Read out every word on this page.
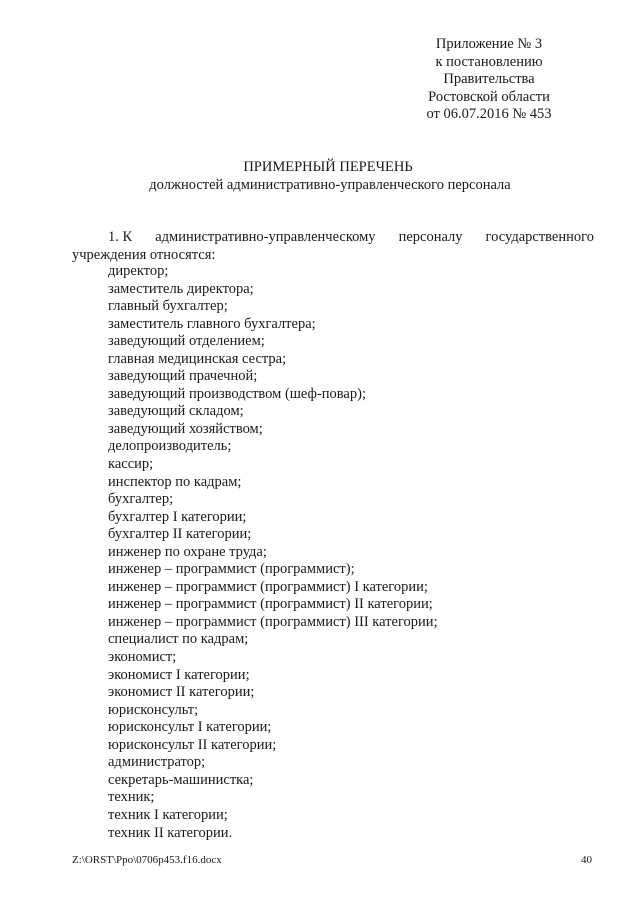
Приложение № 3
к постановлению
Правительства
Ростовской области
от 06.07.2016 № 453
ПРИМЕРНЫЙ ПЕРЕЧЕНЬ
должностей административно-управленческого персонала
1. К административно-управленческому персоналу государственного
учреждения относятся:
директор;
заместитель директора;
главный бухгалтер;
заместитель главного бухгалтера;
заведующий отделением;
главная медицинская сестра;
заведующий прачечной;
заведующий производством (шеф-повар);
заведующий складом;
заведующий хозяйством;
делопроизводитель;
кассир;
инспектор по кадрам;
бухгалтер;
бухгалтер I категории;
бухгалтер II категории;
инженер по охране труда;
инженер – программист (программист);
инженер – программист (программист) I категории;
инженер – программист (программист) II категории;
инженер – программист (программист) III категории;
специалист по кадрам;
экономист;
экономист I категории;
экономист II категории;
юрисконсульт;
юрисконсульт I категории;
юрисконсульт II категории;
администратор;
секретарь-машинистка;
техник;
техник I категории;
техник II категории.
Z:\ORST\Ppo\0706p453.f16.docx	40
